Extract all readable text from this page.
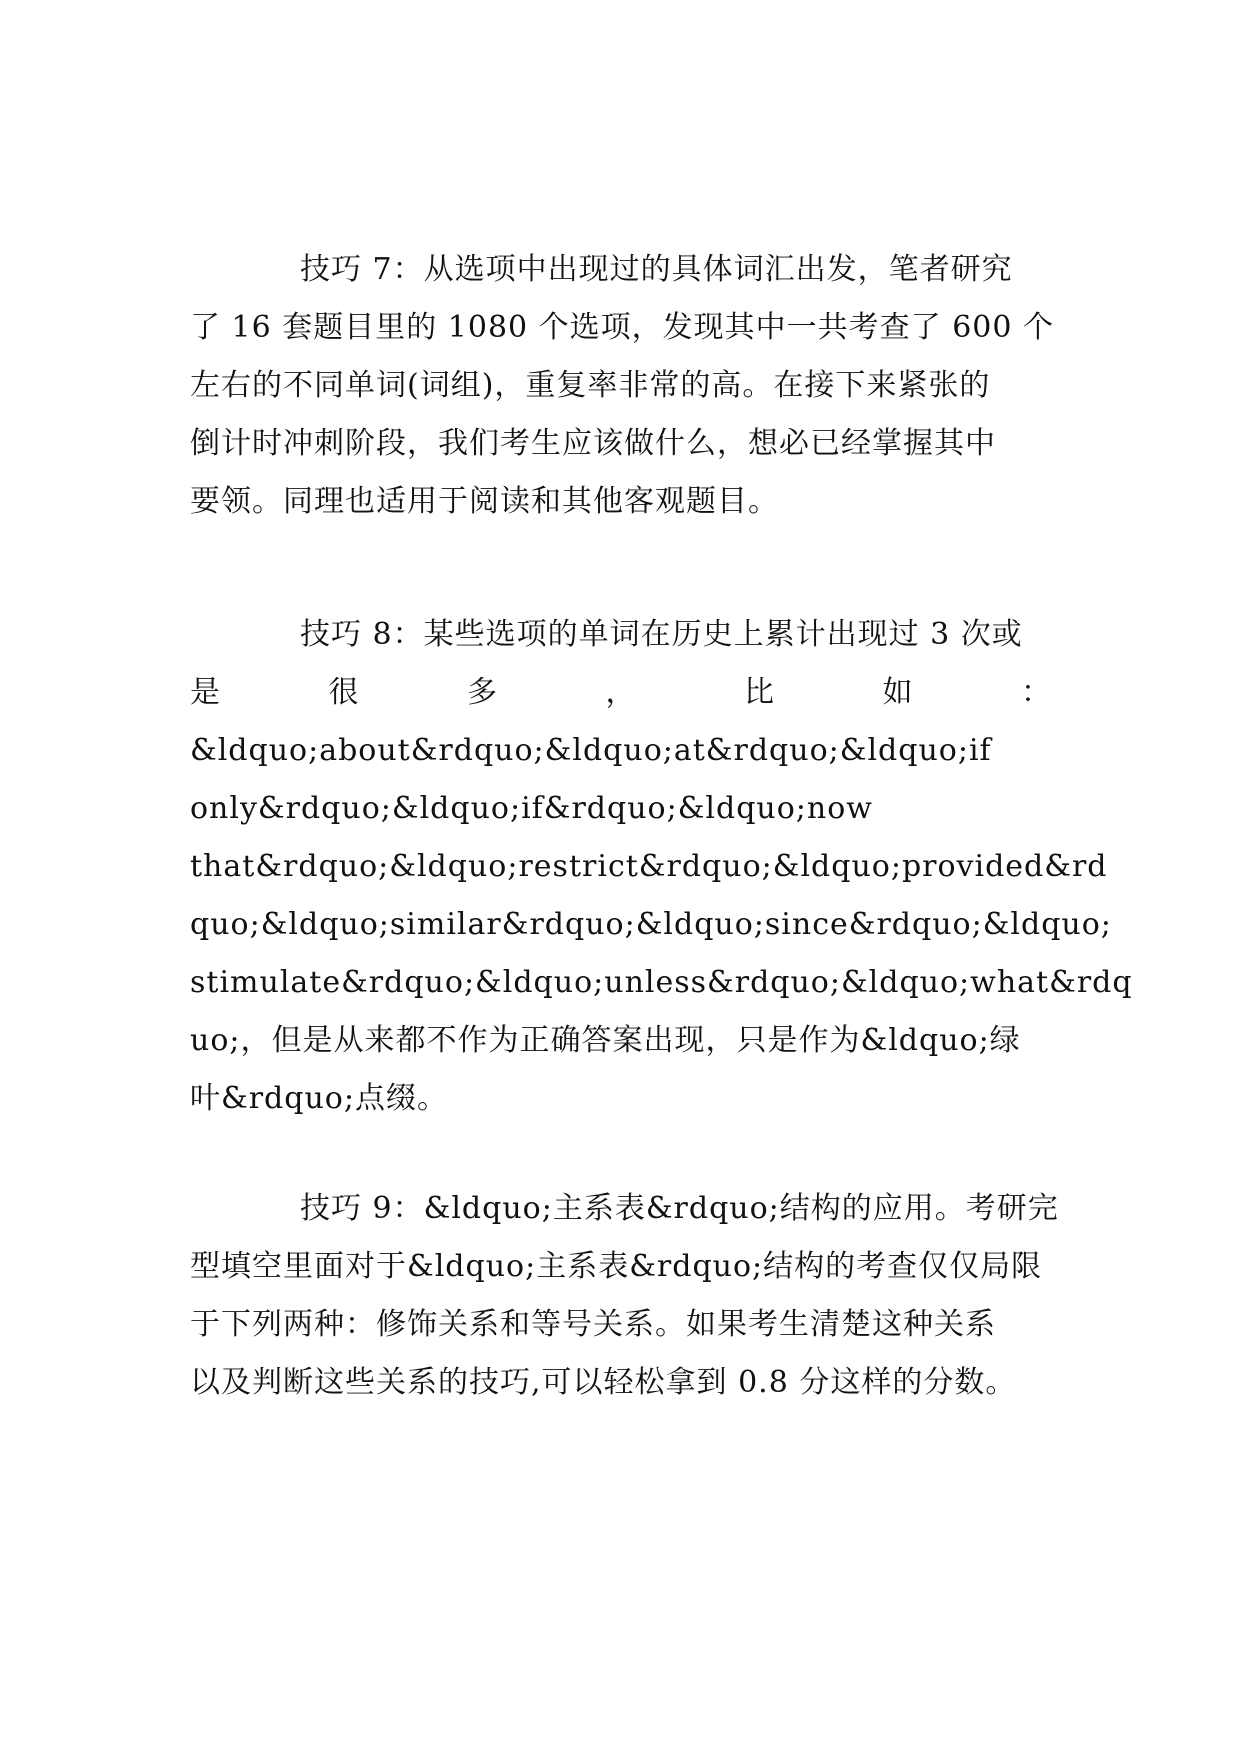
技巧 7：从选项中出现过的具体词汇出发，笔者研究
了 16 套题目里的 1080 个选项，发现其中一共考查了 600 个
左右的不同单词(词组)，重复率非常的高。在接下来紧张的
倒计时冲刺阶段，我们考生应该做什么，想必已经掌握其中
要领。同理也适用于阅读和其他客观题目。
技巧 8：某些选项的单词在历史上累计出现过 3 次或
是	很	多	，	比	如	：
&ldquo;about&rdquo;&ldquo;at&rdquo;&ldquo;if
only&rdquo;&ldquo;if&rdquo;&ldquo;now
that&rdquo;&ldquo;restrict&rdquo;&ldquo;provided&rd
quo;&ldquo;similar&rdquo;&ldquo;since&rdquo;&ldquo;
stimulate&rdquo;&ldquo;unless&rdquo;&ldquo;what&rdq
uo;，但是从来都不作为正确答案出现，只是作为&ldquo;绿
叶&rdquo;点缀。
技巧 9：&ldquo;主系表&rdquo;结构的应用。考研完
型填空里面对于&ldquo;主系表&rdquo;结构的考查仅仅局限
于下列两种：修饰关系和等号关系。如果考生清楚这种关系
以及判断这些关系的技巧,可以轻松拿到 0.8 分这样的分数。
